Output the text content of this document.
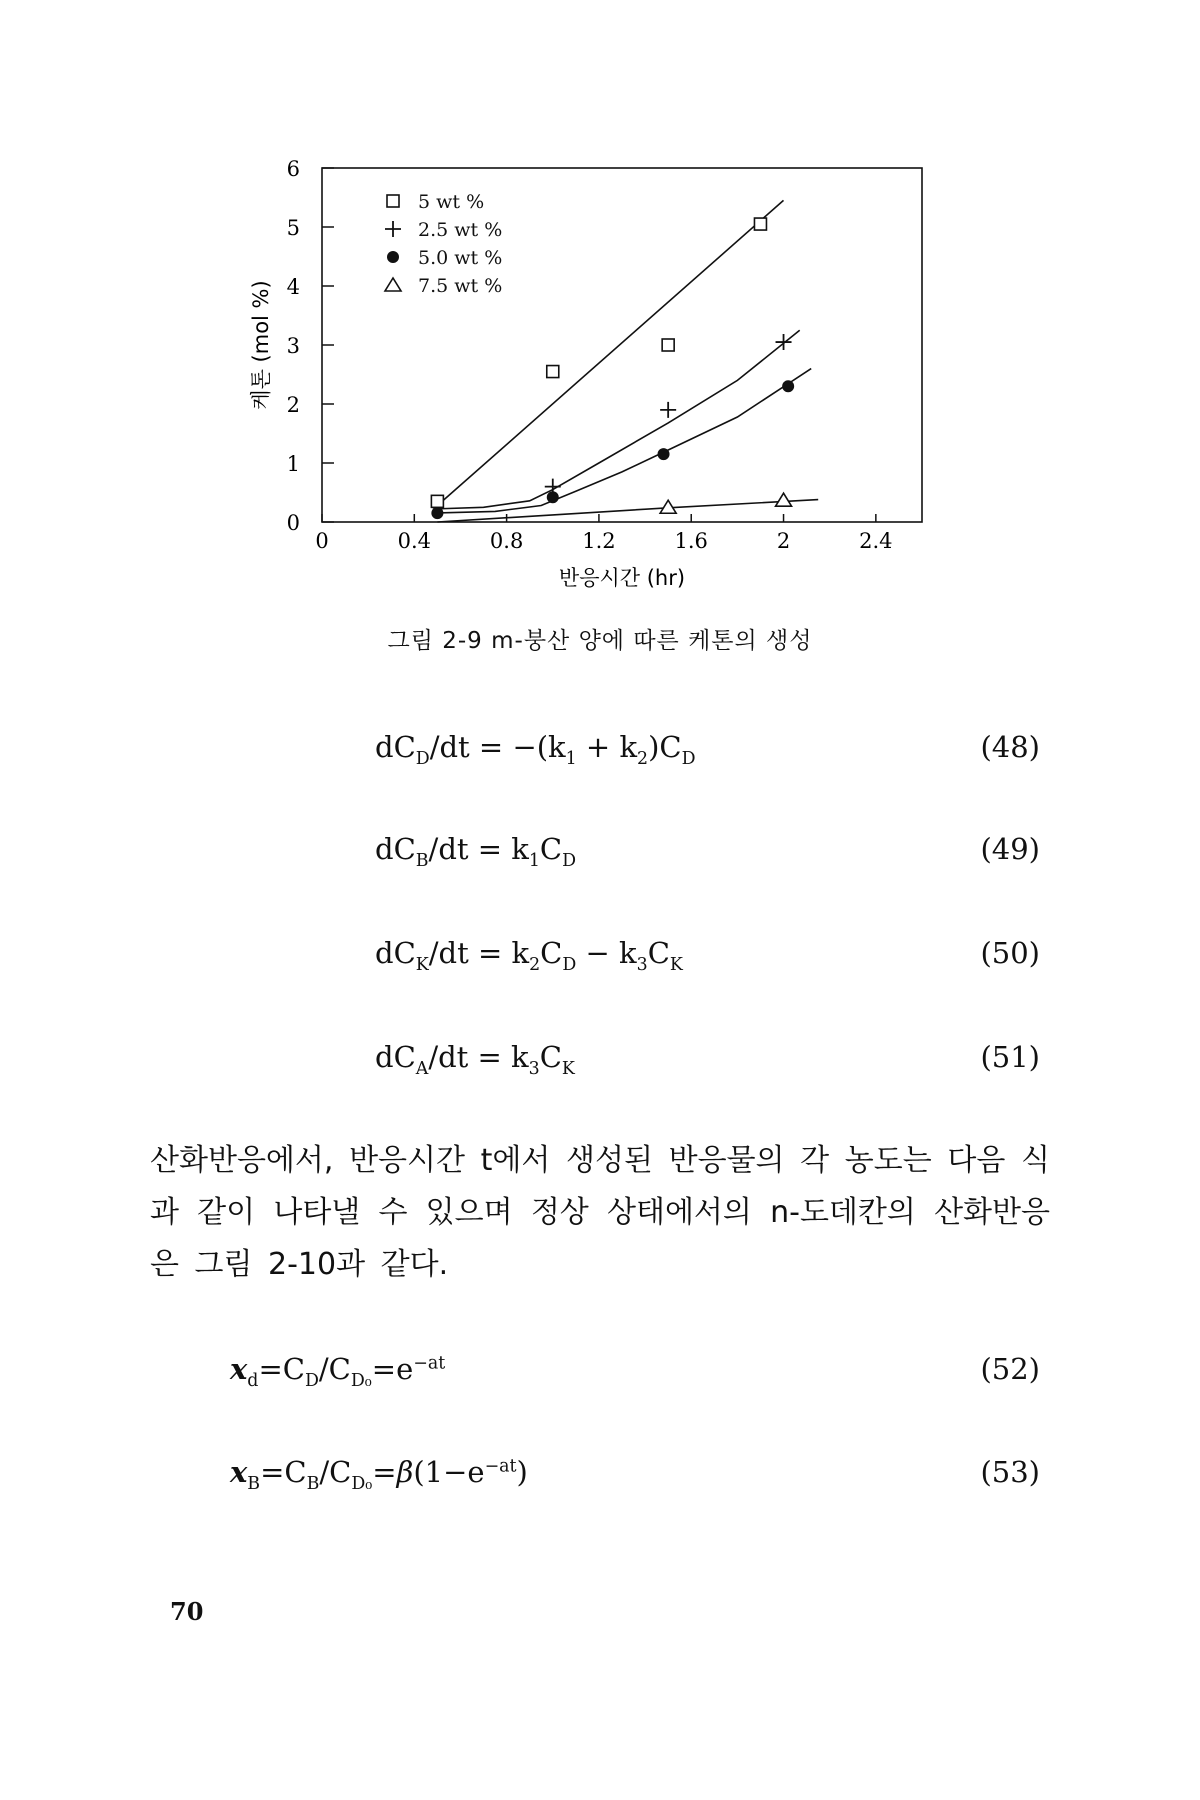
0	0.4	0.8	1.2	1.6	2	2.4
0
1
2
3
4
5
6
5 wt %
2.5 wt %
5.0 wt %
7.5 wt %
반응시간 (hr)
케톤 (mol %)
그림 2-9 m-붕산 양에 따른 케톤의 생성
$dC_D/dt = -(k_1 + k_2)C_D$	(48)
$dC_B/dt = k_1C_D$	(49)
$dC_K/dt = k_2C_D - k_3C_K$	(50)
$dC_A/dt = k_3C_K$	(51)
산화반응에서, 반응시간 t에서 생성된 반응물의 각 농도는 다음 식과 같이 나타낼 수 있으며 정상 상태에서의 n-도데칸의 산화반응은 그림 2-10과 같다.
$x_d=C_D/C_{D_0}=e^{-at}$	(52)
$x_B=C_B/C_{D_0}=\beta(1-e^{-at})$	(53)
70
